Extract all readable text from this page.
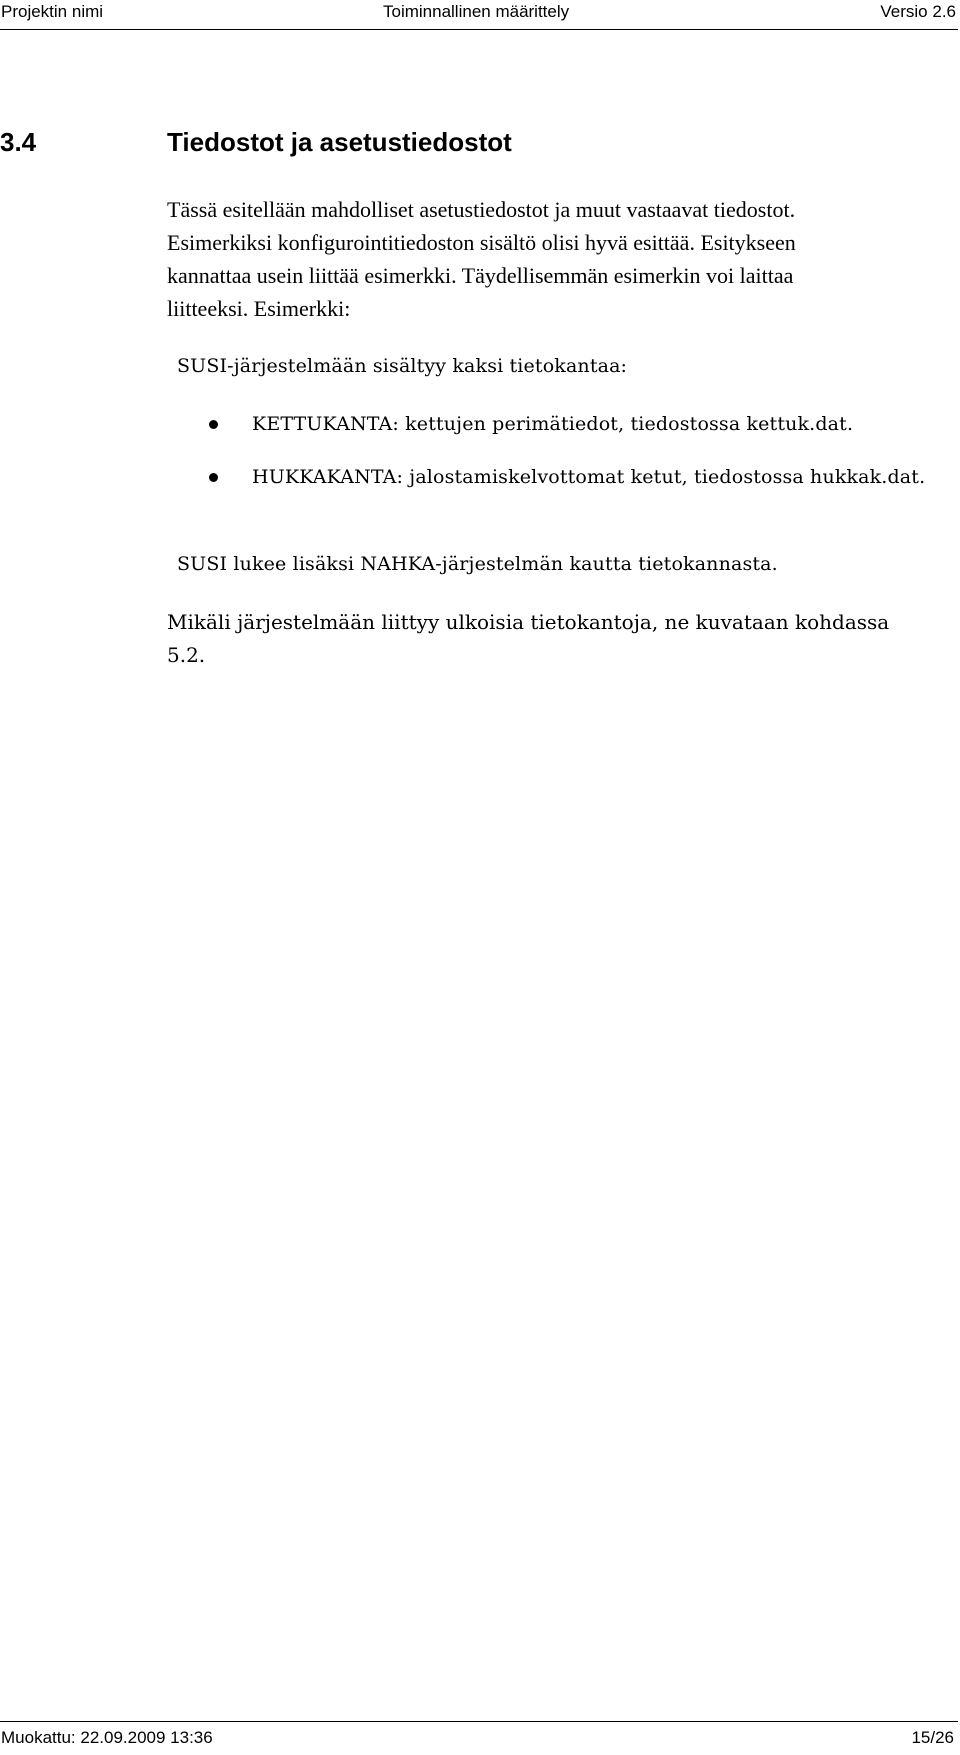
Projektin nimi	Toiminnallinen määrittely	Versio 2.6
3.4	Tiedostot ja asetustiedostot

Tässä esitellään mahdolliset asetustiedostot ja muut vastaavat tiedostot.
Esimerkiksi konfigurointitiedoston sisältö olisi hyvä esittää. Esitykseen
kannattaa usein liittää esimerkki. Täydellisemmän esimerkin voi laittaa
liitteeksi. Esimerkki:

SUSI-järjestelmään sisältyy kaksi tietokantaa:

KETTUKANTA: kettujen perimätiedot, tiedostossa kettuk.dat.
HUKKAKANTA: jalostamiskelvottomat ketut, tiedostossa hukkak.dat.

SUSI lukee lisäksi NAHKA-järjestelmän kautta tietokannasta.

Mikäli järjestelmään liittyy ulkoisia tietokantoja, ne kuvataan kohdassa
5.2.

Muokattu: 22.09.2009 13:36	15/26
